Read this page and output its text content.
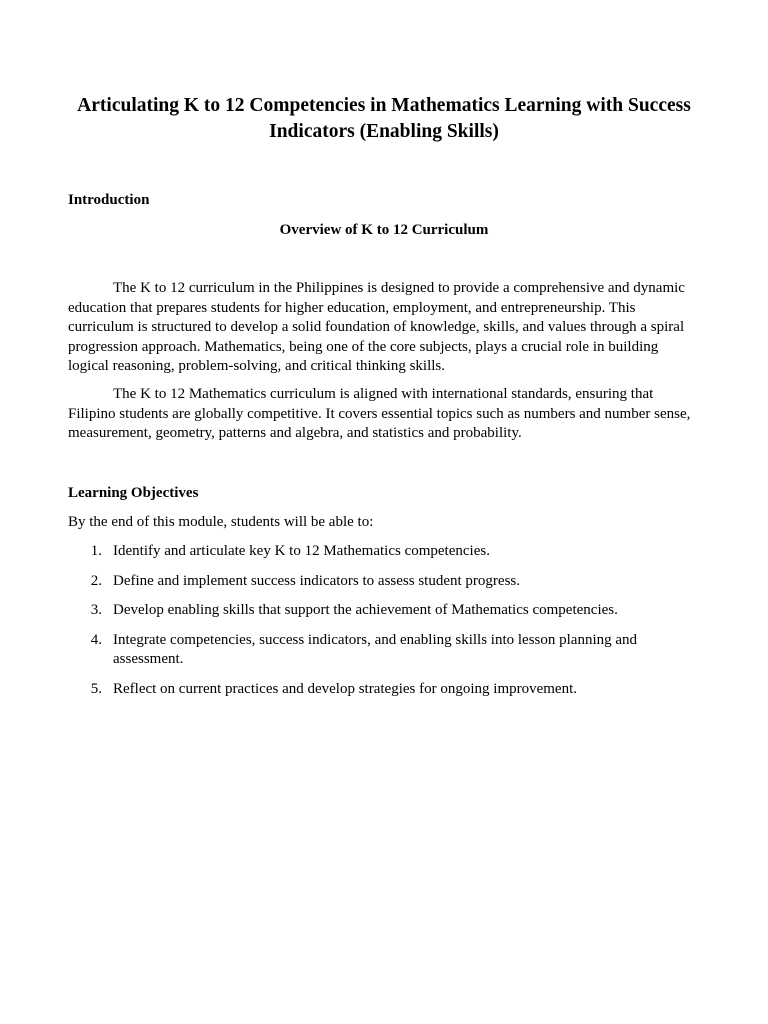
Articulating K to 12 Competencies in Mathematics Learning with Success Indicators (Enabling Skills)
Introduction
Overview of K to 12 Curriculum

The K to 12 curriculum in the Philippines is designed to provide a comprehensive and dynamic education that prepares students for higher education, employment, and entrepreneurship. This curriculum is structured to develop a solid foundation of knowledge, skills, and values through a spiral progression approach. Mathematics, being one of the core subjects, plays a crucial role in building logical reasoning, problem-solving, and critical thinking skills.

The K to 12 Mathematics curriculum is aligned with international standards, ensuring that Filipino students are globally competitive. It covers essential topics such as numbers and number sense, measurement, geometry, patterns and algebra, and statistics and probability.

Learning Objectives

By the end of this module, students will be able to:

1. Identify and articulate key K to 12 Mathematics competencies.
2. Define and implement success indicators to assess student progress.
3. Develop enabling skills that support the achievement of Mathematics competencies.
4. Integrate competencies, success indicators, and enabling skills into lesson planning and assessment.
5. Reflect on current practices and develop strategies for ongoing improvement.
